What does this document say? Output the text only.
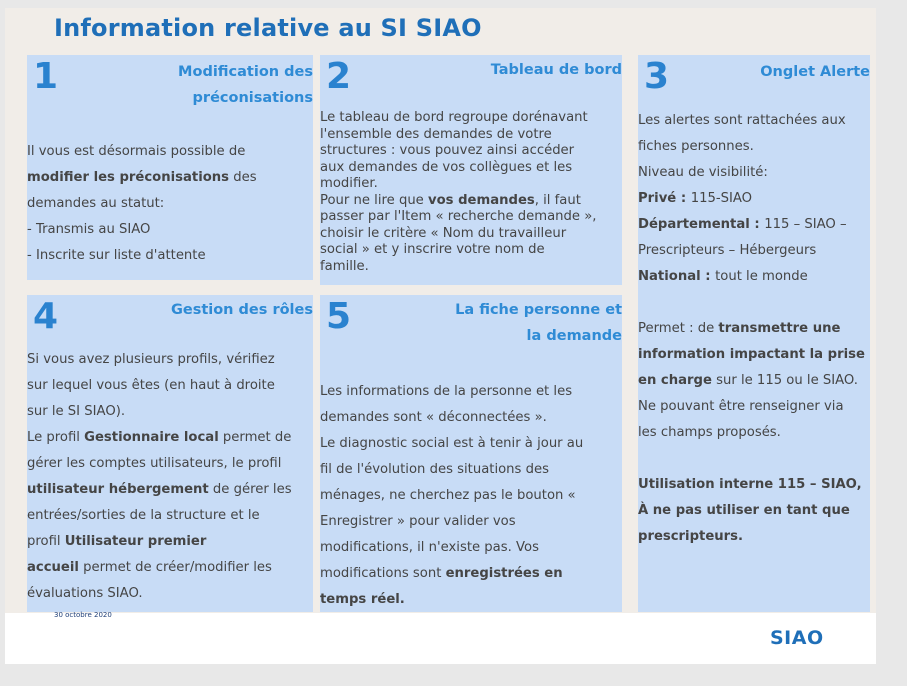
Information relative au SI SIAO
1	Modification des
préconisations

Il vous est désormais possible de

modifier les préconisations des

demandes au statut:

- Transmis au SIAO

- Inscrite sur liste d'attente

2	Tableau de bord

Le tableau de bord regroupe dorénavant

l'ensemble des demandes de votre

structures : vous pouvez ainsi accéder

aux demandes de vos collègues et les

modifier.

Pour ne lire que vos demandes, il faut

passer par l'Item « recherche demande »,

choisir le critère « Nom du travailleur

social » et y inscrire votre nom de

famille.

3	Onglet Alerte

Les alertes sont rattachées aux

fiches personnes.

Niveau de visibilité:

Privé : 115-SIAO

Départemental : 115 – SIAO –

Prescripteurs – Hébergeurs

National : tout le monde

Permet : de transmettre une

information impactant la prise

en charge sur le 115 ou le SIAO.

Ne pouvant être renseigner via

les champs proposés.

Utilisation interne 115 – SIAO,

À ne pas utiliser en tant que

prescripteurs.

4	Gestion des rôles

Si vous avez plusieurs profils, vérifiez

sur lequel vous êtes (en haut à droite

sur le SI SIAO).

Le profil Gestionnaire local permet de

gérer les comptes utilisateurs, le profil

utilisateur hébergement de gérer les

entrées/sorties de la structure et le

profil Utilisateur premier

accueil permet de créer/modifier les

évaluations SIAO.

5	La fiche personne et
la demande

Les informations de la personne et les

demandes sont « déconnectées ».

Le diagnostic social est à tenir à jour au

fil de l'évolution des situations des

ménages, ne cherchez pas le bouton «

Enregistrer » pour valider vos

modifications, il n'existe pas. Vos

modifications sont enregistrées en

temps réel.

30 octobre 2020
SIAO
